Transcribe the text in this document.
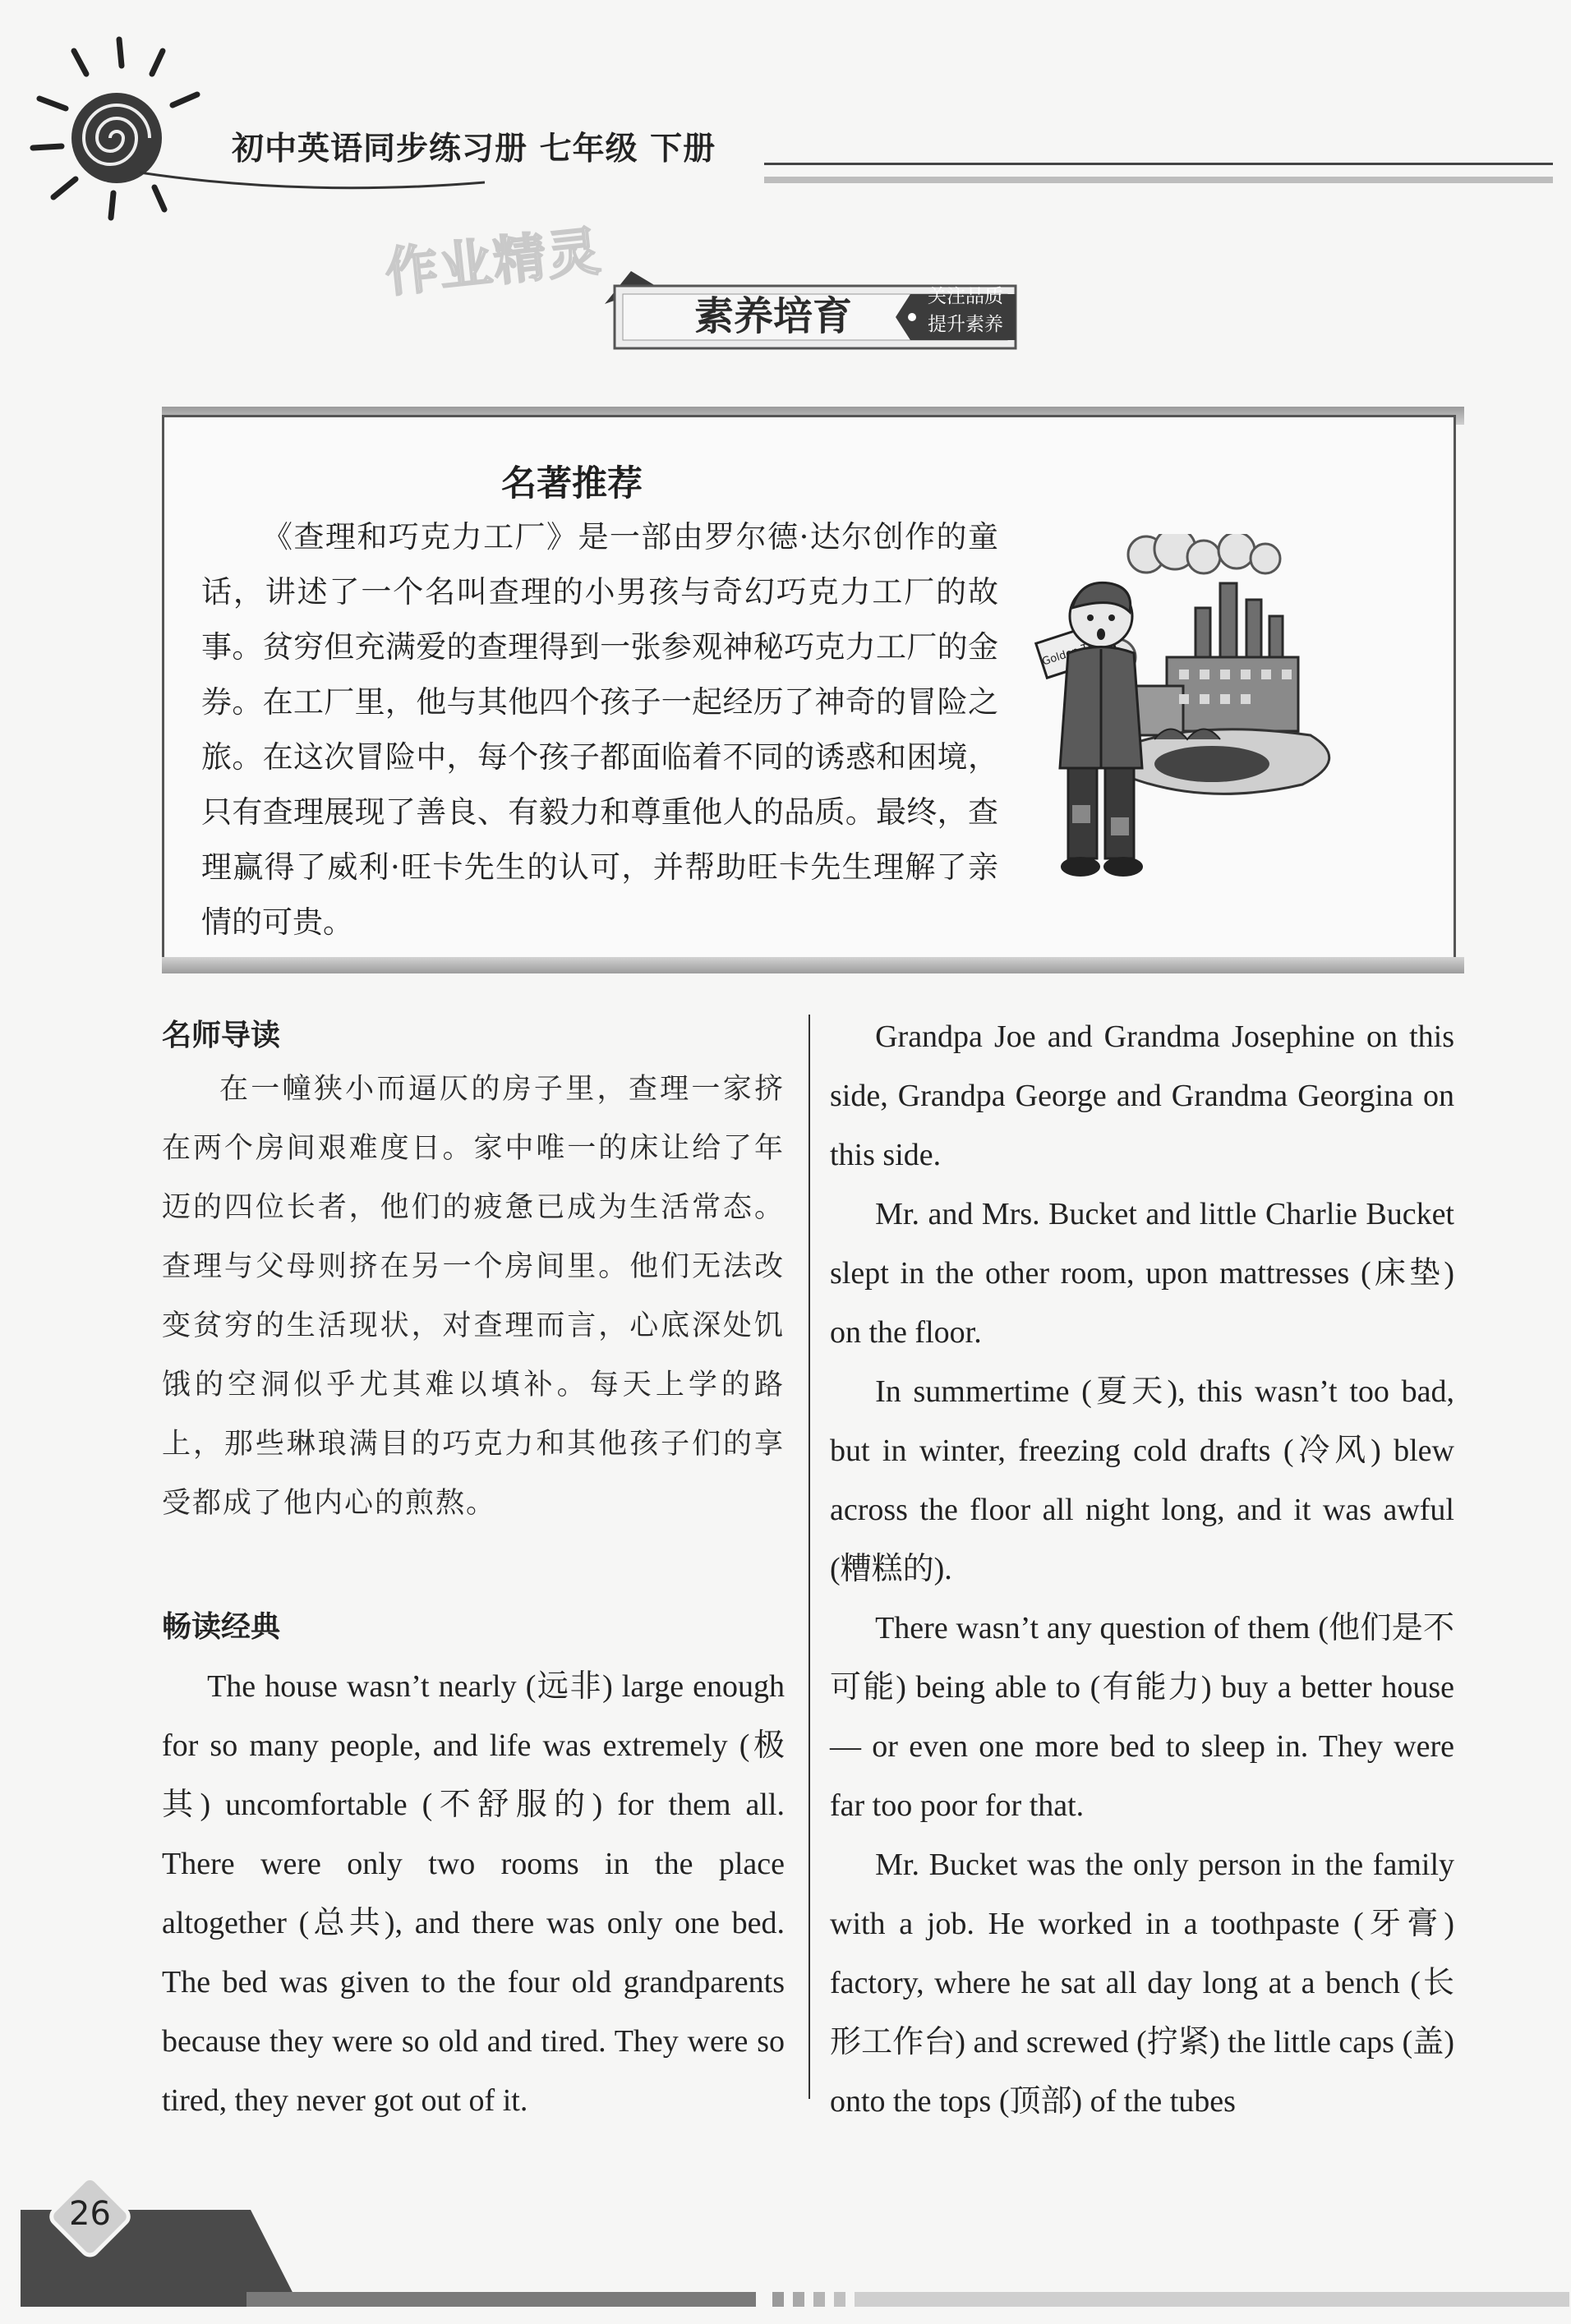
初中英语同步练习册 七年级 下册
作业精灵
素养培育	关注品质
提升素养
名著推荐
《查理和巧克力工厂》是一部由罗尔德·达尔创作的童话，讲述了一个名叫查理的小男孩与奇幻巧克力工厂的故事。贫穷但充满爱的查理得到一张参观神秘巧克力工厂的金券。在工厂里，他与其他四个孩子一起经历了神奇的冒险之旅。在这次冒险中，每个孩子都面临着不同的诱惑和困境，只有查理展现了善良、有毅力和尊重他人的品质。最终，查理赢得了威利·旺卡先生的认可，并帮助旺卡先生理解了亲情的可贵。
Golden
名师导读
在一幢狭小而逼仄的房子里，查理一家挤在两个房间艰难度日。家中唯一的床让给了年迈的四位长者，他们的疲惫已成为生活常态。查理与父母则挤在另一个房间里。他们无法改变贫穷的生活现状，对查理而言，心底深处饥饿的空洞似乎尤其难以填补。每天上学的路上，那些琳琅满目的巧克力和其他孩子们的享受都成了他内心的煎熬。
畅读经典

The house wasn’t nearly (远非) large enough for so many people, and life was extremely (极其) uncomfortable (不舒服的) for them all. There were only two rooms in the place altogether (总共), and there was only one bed. The bed was given to the four old grandparents because they were so old and tired. They were so tired, they never got out of it.

Grandpa Joe and Grandma Josephine on this side, Grandpa George and Grandma Georgina on this side.

Mr. and Mrs. Bucket and little Charlie Bucket slept in the other room, upon mattresses (床垫) on the floor.

In summertime (夏天), this wasn’t too bad, but in winter, freezing cold drafts (冷风) blew across the floor all night long, and it was awful (糟糕的).

There wasn’t any question of them (他们是不可能) being able to (有能力) buy a better house — or even one more bed to sleep in. They were far too poor for that.

Mr. Bucket was the only person in the family with a job. He worked in a toothpaste (牙膏) factory, where he sat all day long at a bench (长形工作台) and screwed (拧紧) the little caps (盖) onto the tops (顶部) of the tubes

26
